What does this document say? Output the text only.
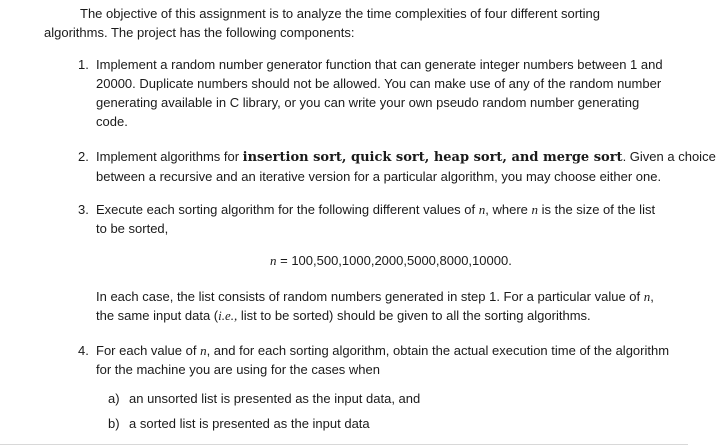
The objective of this assignment is to analyze the time complexities of four different sorting
algorithms. The project has the following components:
1. Implement a random number generator function that can generate integer numbers between 1 and
20000. Duplicate numbers should not be allowed. You can make use of any of the random number
generating available in C library, or you can write your own pseudo random number generating
code.
2. Implement algorithms for insertion sort, quick sort, heap sort, and merge sort. Given a choice
between a recursive and an iterative version for a particular algorithm, you may choose either one.
3. Execute each sorting algorithm for the following different values of n, where n is the size of the list
to be sorted,
n = 100,500,1000,2000,5000,8000,10000.
In each case, the list consists of random numbers generated in step 1. For a particular value of n,
the same input data (i.e., list to be sorted) should be given to all the sorting algorithms.
4. For each value of n, and for each sorting algorithm, obtain the actual execution time of the algorithm
for the machine you are using for the cases when
a) an unsorted list is presented as the input data, and
b) a sorted list is presented as the input data
